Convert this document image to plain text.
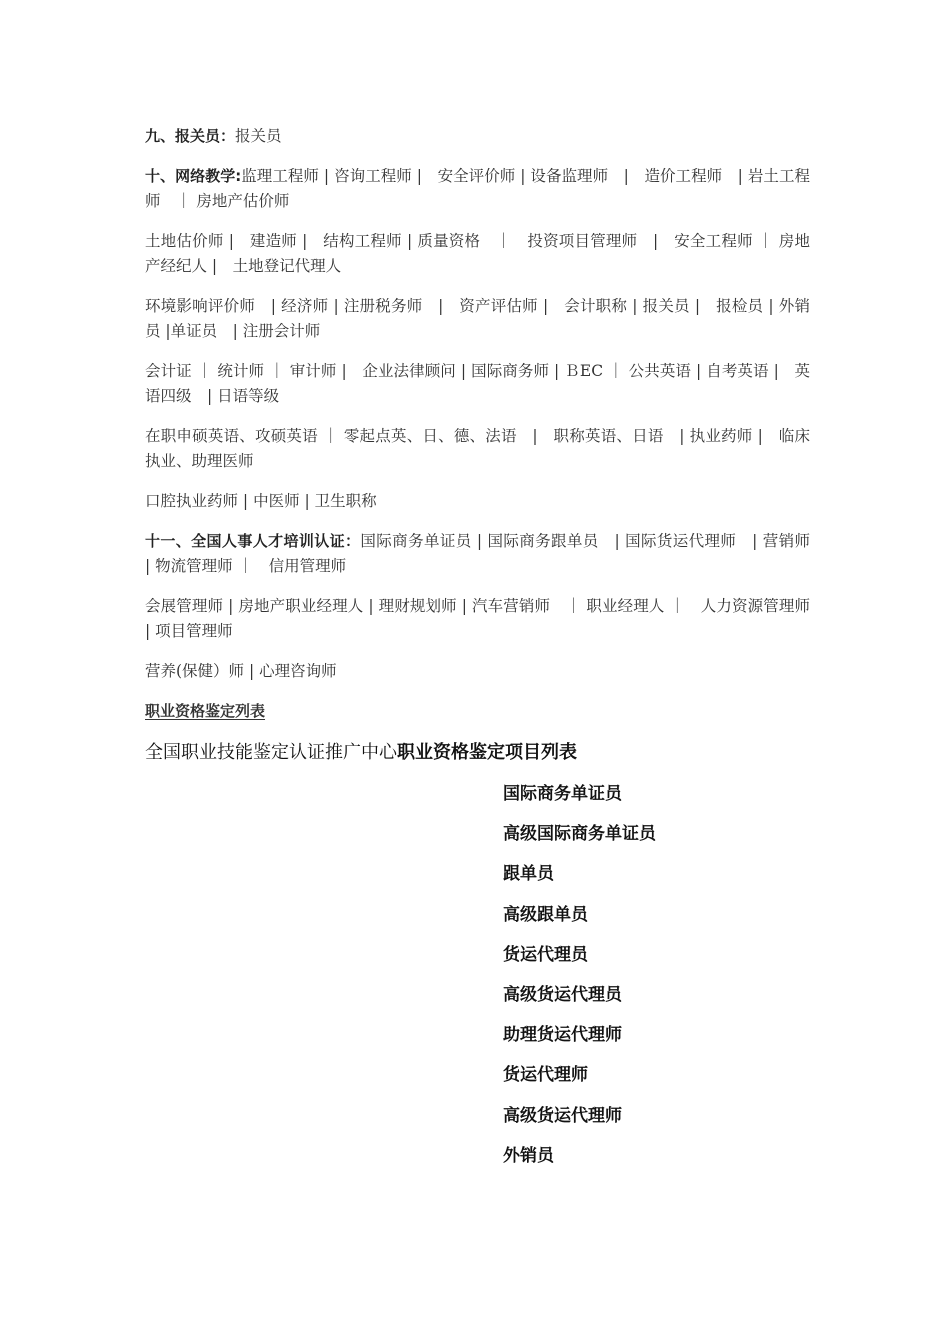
九、报关员：报关员

十、网络教学:监理工程师 | 咨询工程师 |　安全评价师 | 设备监理师　|　造价工程师　| 岩土工程师　｜ 房地产估价师

土地估价师 |　建造师 |　结构工程师 | 质量资格　｜　投资项目管理师　|　安全工程师 ｜ 房地产经纪人 |　土地登记代理人

环境影响评价师　| 经济师 | 注册税务师　|　资产评估师 |　会计职称 | 报关员 |　报检员 | 外销员 |单证员　| 注册会计师

会计证 ｜ 统计师 ｜ 审计师 |　企业法律顾问 | 国际商务师 | ＢEC ｜ 公共英语 | 自考英语 |　英语四级　| 日语等级

在职申硕英语、攻硕英语 ｜ 零起点英、日、德、法语　|　职称英语、日语　| 执业药师 |　临床执业、助理医师

口腔执业药师 | 中医师 | 卫生职称

十一、全国人事人才培训认证：国际商务单证员 | 国际商务跟单员　| 国际货运代理师　| 营销师　| 物流管理师 ｜　信用管理师

会展管理师 | 房地产职业经理人 | 理财规划师 | 汽车营销师　｜ 职业经理人 ｜　人力资源管理师 | 项目管理师

营养(保健）师 | 心理咨询师

职业资格鉴定列表
全国职业技能鉴定认证推广中心职业资格鉴定项目列表
国际商务单证员
高级国际商务单证员
跟单员
高级跟单员
货运代理员
高级货运代理员
助理货运代理师
货运代理师
高级货运代理师
外销员
